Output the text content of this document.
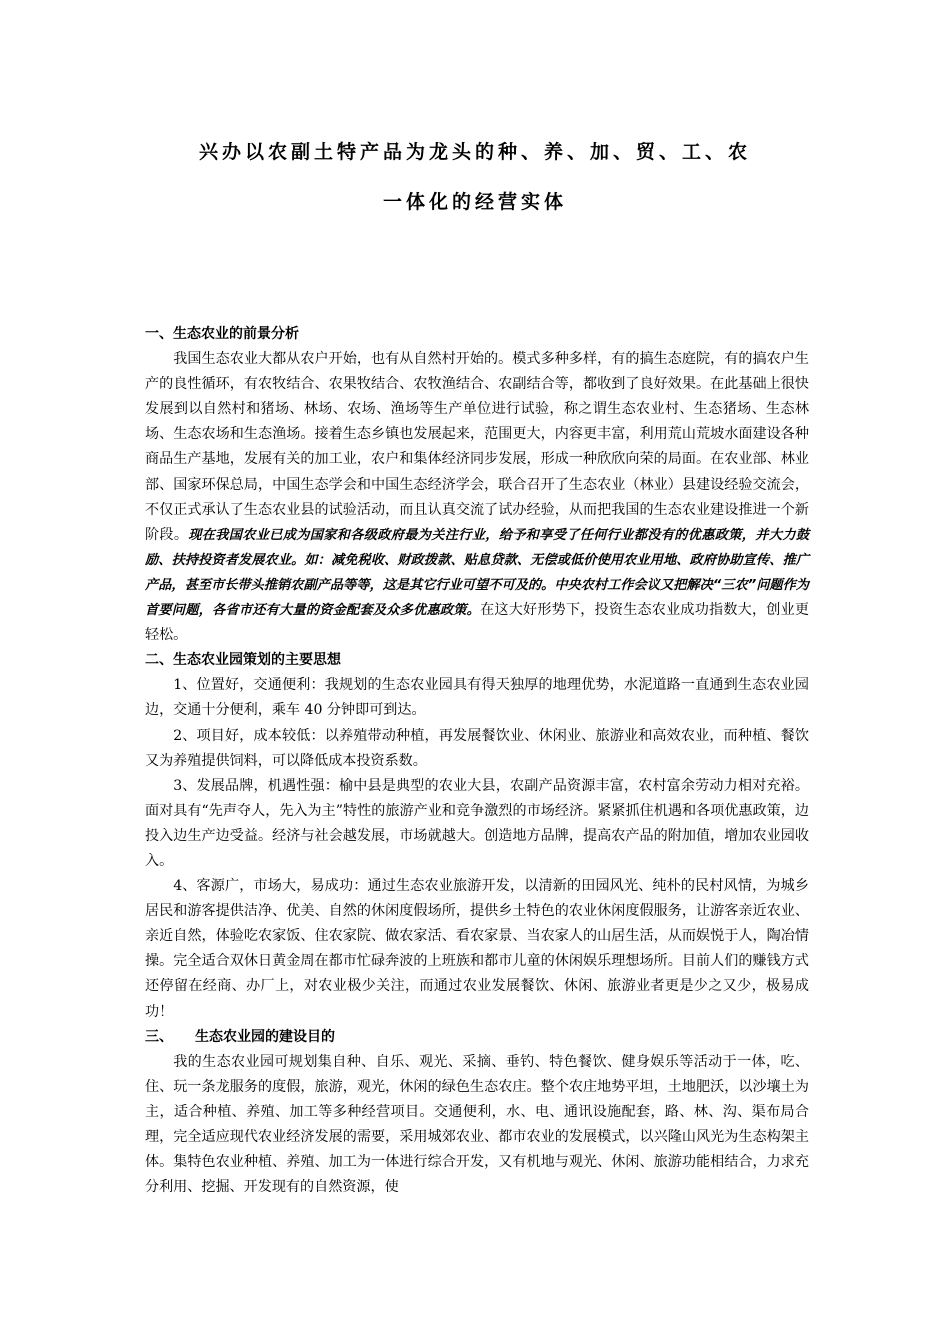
兴办以农副土特产品为龙头的种、养、加、贸、工、农
一体化的经营实体
一、生态农业的前景分析

我国生态农业大都从农户开始，也有从自然村开始的。模式多种多样，有的搞生态庭院，有的搞农户生产的良性循环，有农牧结合、农果牧结合、农牧渔结合、农副结合等，都收到了良好效果。在此基础上很快发展到以自然村和猪场、林场、农场、渔场等生产单位进行试验，称之谓生态农业村、生态猪场、生态林场、生态农场和生态渔场。接着生态乡镇也发展起来，范围更大，内容更丰富，利用荒山荒坡水面建设各种商品生产基地，发展有关的加工业，农户和集体经济同步发展，形成一种欣欣向荣的局面。在农业部、林业部、国家环保总局，中国生态学会和中国生态经济学会，联合召开了生态农业（林业）县建设经验交流会，不仅正式承认了生态农业县的试验活动，而且认真交流了试办经验，从而把我国的生态农业建设推进一个新阶段。现在我国农业已成为国家和各级政府最为关注行业，给予和享受了任何行业都没有的优惠政策，并大力鼓励、扶持投资者发展农业。如：减免税收、财政拨款、贴息贷款、无偿或低价使用农业用地、政府协助宣传、推广产品，甚至市长带头推销农副产品等等，这是其它行业可望不可及的。中央农村工作会议又把解决“三农”问题作为首要问题，各省市还有大量的资金配套及众多优惠政策。在这大好形势下，投资生态农业成功指数大，创业更轻松。

二、生态农业园策划的主要思想

1、位置好，交通便利：我规划的生态农业园具有得天独厚的地理优势，水泥道路一直通到生态农业园边，交通十分便利，乘车 40 分钟即可到达。

2、项目好，成本较低：以养殖带动种植，再发展餐饮业、休闲业、旅游业和高效农业，而种植、餐饮又为养殖提供饲料，可以降低成本投资系数。

3、发展品牌，机遇性强：榆中县是典型的农业大县，农副产品资源丰富，农村富余劳动力相对充裕。面对具有“先声夺人，先入为主”特性的旅游产业和竞争激烈的市场经济。紧紧抓住机遇和各项优惠政策，边投入边生产边受益。经济与社会越发展，市场就越大。创造地方品牌，提高农产品的附加值，增加农业园收入。

4、客源广，市场大，易成功：通过生态农业旅游开发，以清新的田园风光、纯朴的民村风情，为城乡居民和游客提供洁净、优美、自然的休闲度假场所，提供乡土特色的农业休闲度假服务，让游客亲近农业、亲近自然，体验吃农家饭、住农家院、做农家活、看农家景、当农家人的山居生活，从而娱悦于人，陶冶情操。完全适合双休日黄金周在都市忙碌奔波的上班族和都市儿童的休闲娱乐理想场所。目前人们的赚钱方式还停留在经商、办厂上，对农业极少关注，而通过农业发展餐饮、休闲、旅游业者更是少之又少，极易成功！

三、 生态农业园的建设目的

我的生态农业园可规划集自种、自乐、观光、采摘、垂钓、特色餐饮、健身娱乐等活动于一体，吃、住、玩一条龙服务的度假，旅游，观光，休闲的绿色生态农庄。整个农庄地势平坦，土地肥沃，以沙壤土为主，适合种植、养殖、加工等多种经营项目。交通便利，水、电、通讯设施配套，路、林、沟、渠布局合理，完全适应现代农业经济发展的需要，采用城郊农业、都市农业的发展模式，以兴隆山风光为生态构架主体。集特色农业种植、养殖、加工为一体进行综合开发，又有机地与观光、休闲、旅游功能相结合，力求充分利用、挖掘、开发现有的自然资源，使
